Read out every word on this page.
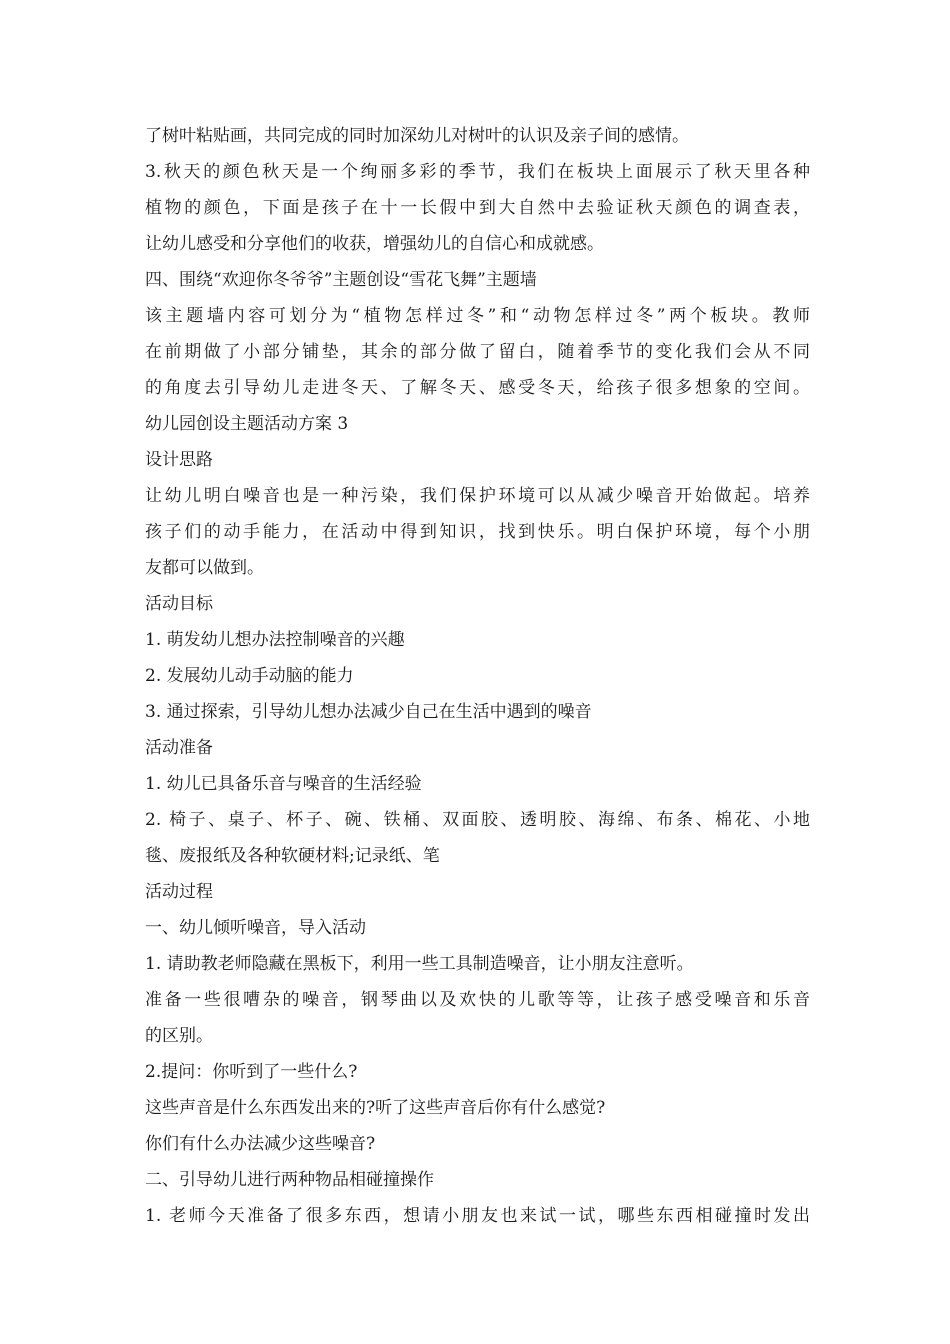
了树叶粘贴画，共同完成的同时加深幼儿对树叶的认识及亲子间的感情。
3.秋天的颜色秋天是一个绚丽多彩的季节，我们在板块上面展示了秋天里各种
植物的颜色，下面是孩子在十一长假中到大自然中去验证秋天颜色的调查表，
让幼儿感受和分享他们的收获，增强幼儿的自信心和成就感。
四、围绕“欢迎你冬爷爷”主题创设“雪花飞舞”主题墙
该主题墙内容可划分为“植物怎样过冬”和“动物怎样过冬”两个板块。教师
在前期做了小部分铺垫，其余的部分做了留白，随着季节的变化我们会从不同
的角度去引导幼儿走进冬天、了解冬天、感受冬天，给孩子很多想象的空间。
幼儿园创设主题活动方案 3
设计思路
让幼儿明白噪音也是一种污染，我们保护环境可以从减少噪音开始做起。培养
孩子们的动手能力，在活动中得到知识，找到快乐。明白保护环境，每个小朋
友都可以做到。
活动目标
1. 萌发幼儿想办法控制噪音的兴趣
2. 发展幼儿动手动脑的能力
3. 通过探索，引导幼儿想办法减少自己在生活中遇到的噪音
活动准备
1. 幼儿已具备乐音与噪音的生活经验
2. 椅子、桌子、杯子、碗、铁桶、双面胶、透明胶、海绵、布条、棉花、小地
毯、废报纸及各种软硬材料;记录纸、笔
活动过程
一、幼儿倾听噪音，导入活动
1. 请助教老师隐藏在黑板下，利用一些工具制造噪音，让小朋友注意听。
准备一些很嘈杂的噪音，钢琴曲以及欢快的儿歌等等，让孩子感受噪音和乐音
的区别。
2.提问：你听到了一些什么?
这些声音是什么东西发出来的?听了这些声音后你有什么感觉?
你们有什么办法减少这些噪音?
二、引导幼儿进行两种物品相碰撞操作
1. 老师今天准备了很多东西，想请小朋友也来试一试，哪些东西相碰撞时发出
